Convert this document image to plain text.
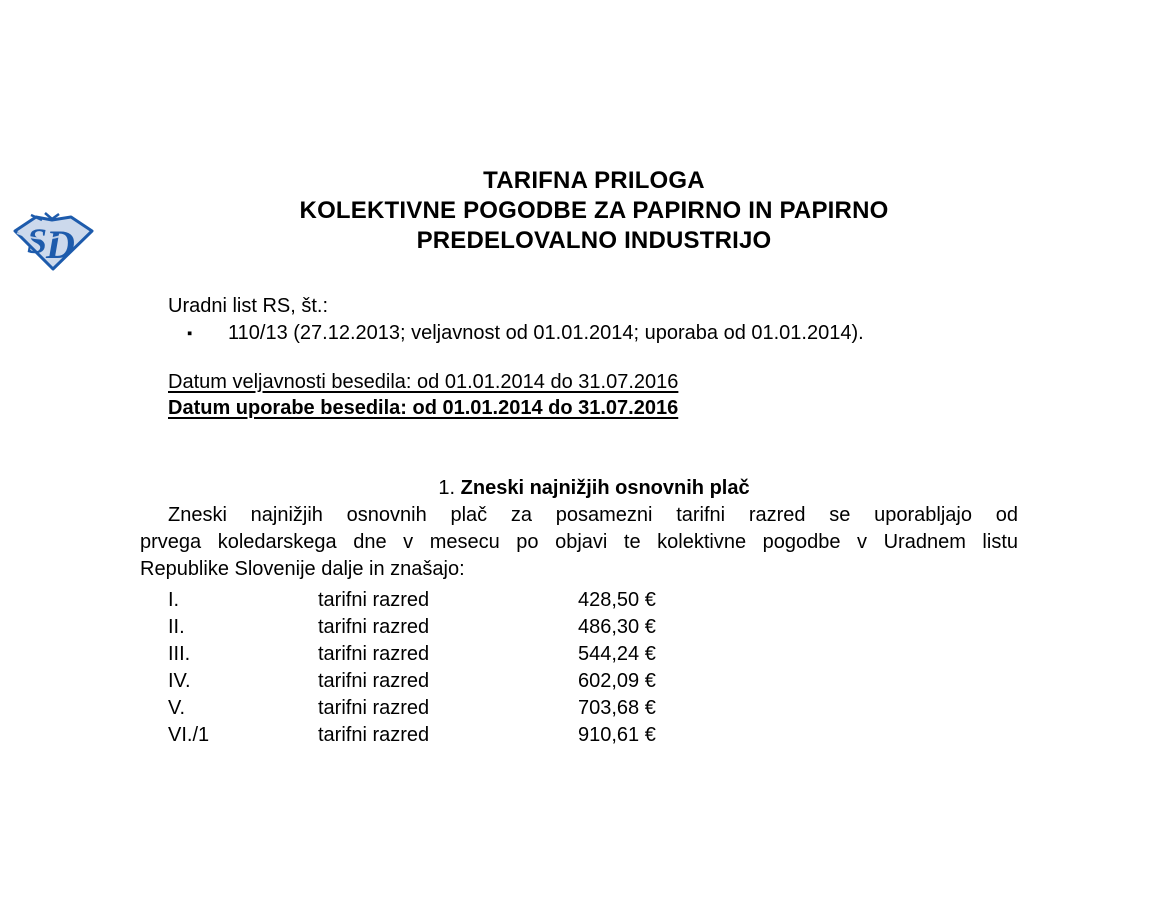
S
D
TARIFNA PRILOGA
KOLEKTIVNE POGODBE ZA PAPIRNO IN PAPIRNO
PREDELOVALNO INDUSTRIJO
Uradni list RS, št.:
▪	110/13 (27.12.2013; veljavnost od 01.01.2014; uporaba od 01.01.2014).
Datum veljavnosti besedila: od 01.01.2014 do 31.07.2016
Datum uporabe besedila: od 01.01.2014 do 31.07.2016
1. Zneski najnižjih osnovnih plač
Zneski najnižjih osnovnih plač za posamezni tarifni razred se uporabljajo od
prvega koledarskega dne v mesecu po objavi te kolektivne pogodbe v Uradnem listu
Republike Slovenije dalje in znašajo:
I.	tarifni razred	428,50 €
II.	tarifni razred	486,30 €
III.	tarifni razred	544,24 €
IV.	tarifni razred	602,09 €
V.	tarifni razred	703,68 €
VI./1	tarifni razred	910,61 €
